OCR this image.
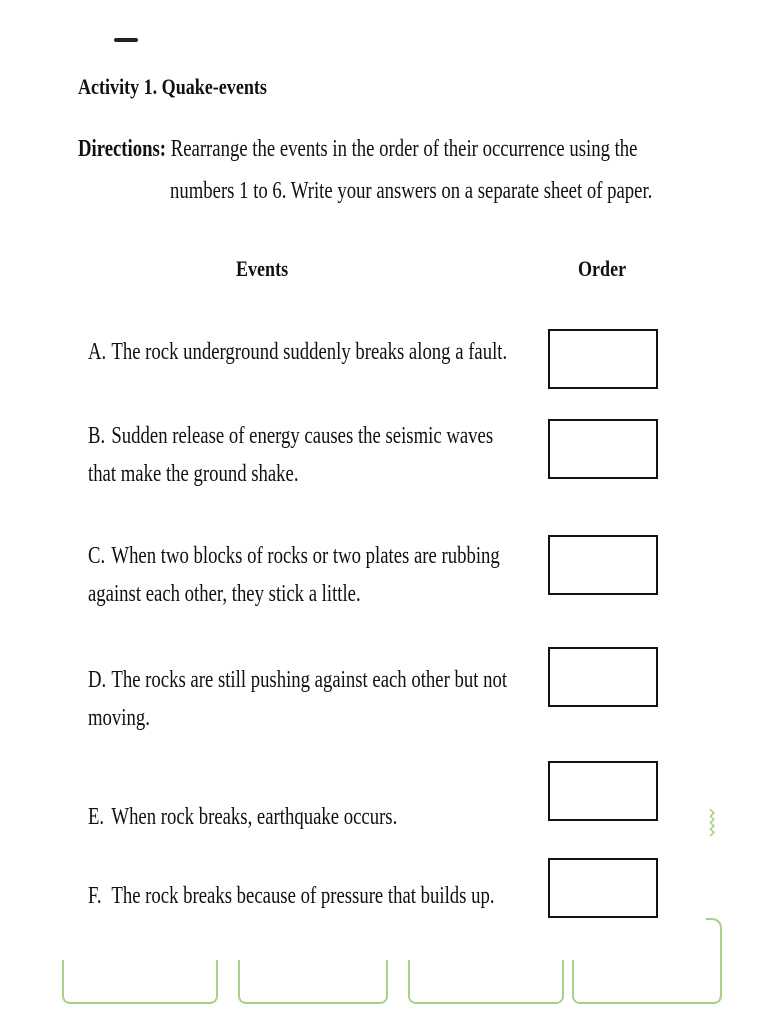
Activity 1. Quake-events
Directions: Rearrange the events in the order of their occurrence using the
numbers 1 to 6. Write your answers on a separate sheet of paper.
Events	Order
A. The rock underground suddenly breaks along a fault.
B. Sudden release of energy causes the seismic waves that make the ground shake.
C. When two blocks of rocks or two plates are rubbing against each other, they stick a little.
D. The rocks are still pushing against each other but not moving.
E. When rock breaks, earthquake occurs.
F. The rock breaks because of pressure that builds up.
⧘
